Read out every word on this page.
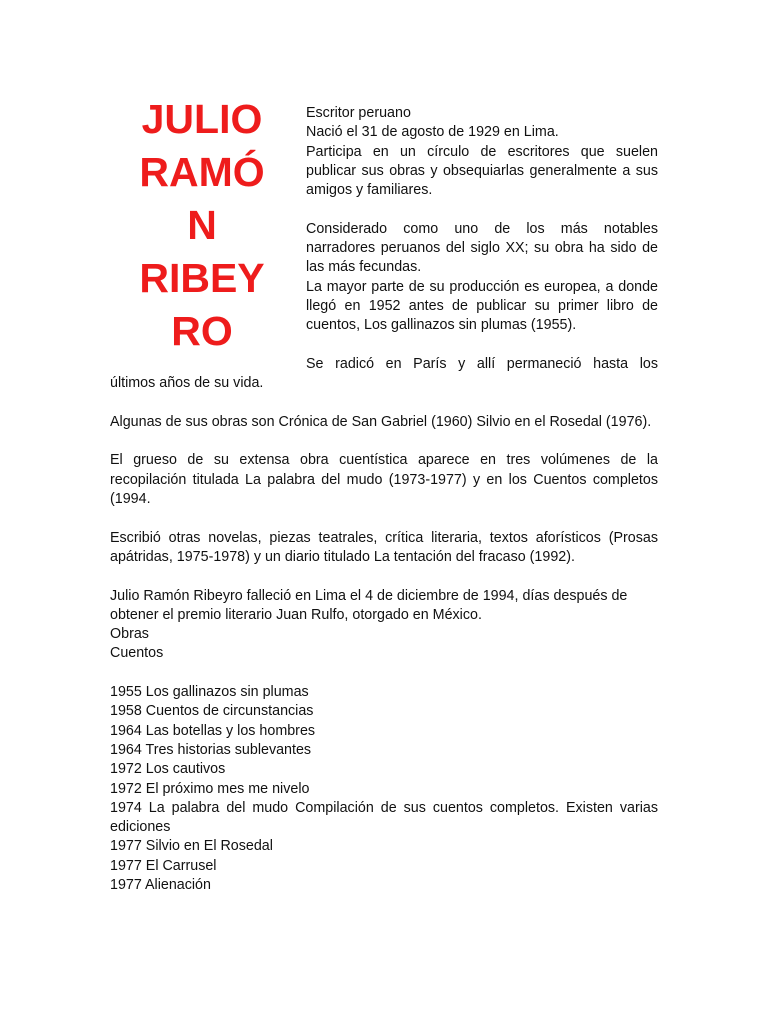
JULIO
RAMÓ
N
RIBEY
RO
Escritor peruano
Nació el 31 de agosto de 1929 en Lima.
Participa en un círculo de escritores que suelen publicar sus obras y obsequiarlas generalmente a sus amigos y familiares.
Considerado como uno de los más notables narradores peruanos del siglo XX; su obra ha sido de las más fecundas.
La mayor parte de su producción es europea, a donde llegó en 1952 antes de publicar su primer libro de cuentos, Los gallinazos sin plumas (1955).
Se radicó en París y allí permaneció hasta los
últimos años de su vida.
Algunas de sus obras son Crónica de San Gabriel (1960) Silvio en el Rosedal (1976).
El grueso de su extensa obra cuentística aparece en tres volúmenes de la recopilación titulada La palabra del mudo (1973-1977) y en los Cuentos completos (1994.
Escribió otras novelas, piezas teatrales, crítica literaria, textos aforísticos (Prosas apátridas, 1975-1978) y un diario titulado La tentación del fracaso (1992).
Julio Ramón Ribeyro falleció en Lima el 4 de diciembre de 1994, días después de obtener el premio literario Juan Rulfo, otorgado en México.
Obras
Cuentos
1955 Los gallinazos sin plumas
1958 Cuentos de circunstancias
1964 Las botellas y los hombres
1964 Tres historias sublevantes
1972 Los cautivos
1972 El próximo mes me nivelo
1974 La palabra del mudo Compilación de sus cuentos completos. Existen varias ediciones
1977 Silvio en El Rosedal
1977 El Carrusel
1977 Alienación
